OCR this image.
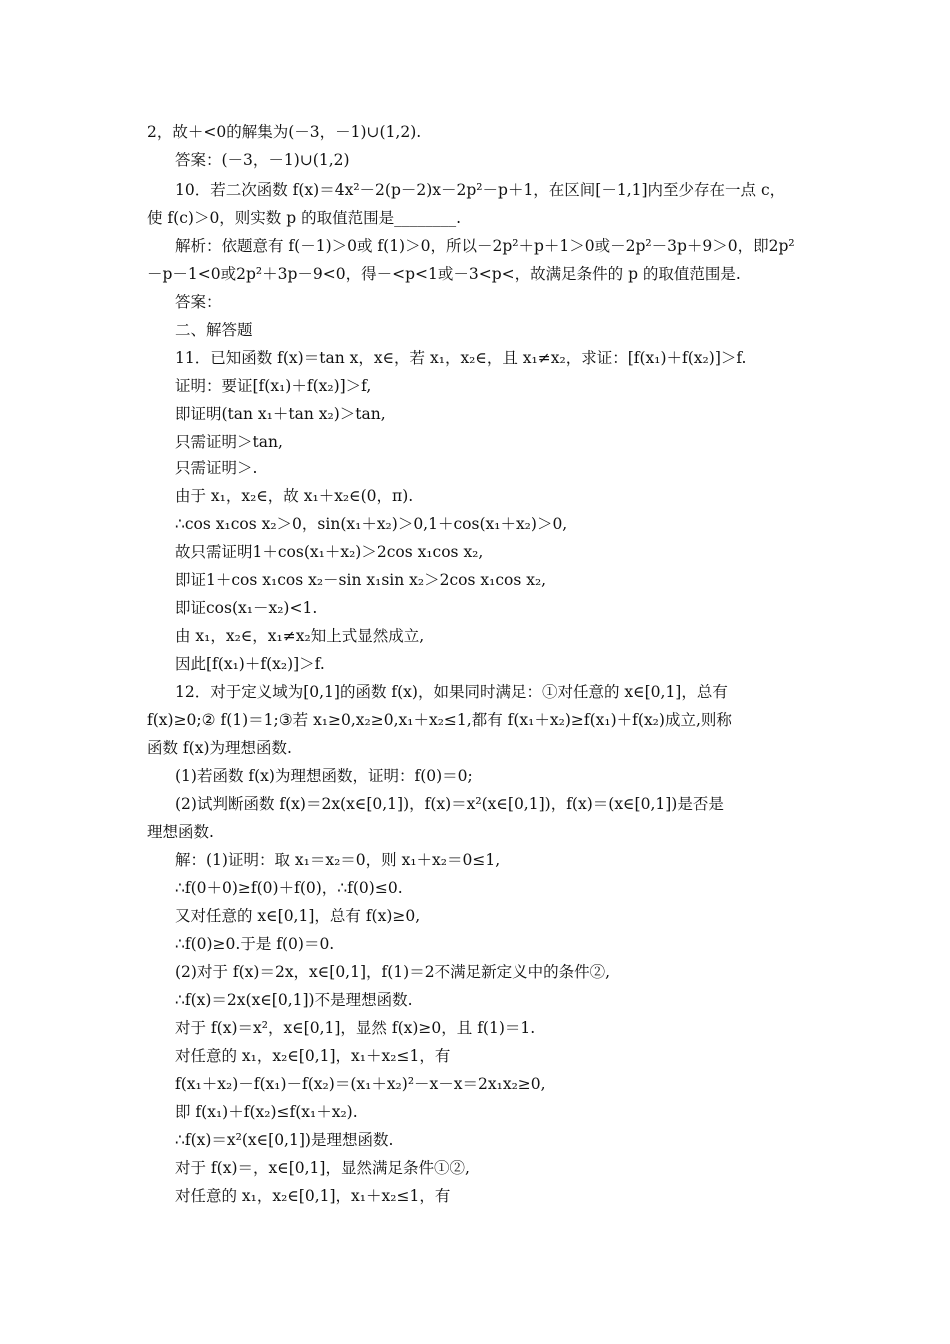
2，故＋<0的解集为(－3，－1)∪(1,2).
答案：(－3，－1)∪(1,2)
10．若二次函数 f(x)＝4x²－2(p－2)x－2p²－p＋1，在区间[－1,1]内至少存在一点 c，
使 f(c)＞0，则实数 p 的取值范围是________.
解析：依题意有 f(－1)＞0或 f(1)＞0，所以－2p²＋p＋1＞0或－2p²－3p＋9＞0，即2p²
－p－1<0或2p²＋3p－9<0，得－<p<1或－3<p<，故满足条件的 p 的取值范围是.
答案：
二、解答题
11．已知函数 f(x)＝tan x，x∈，若 x₁，x₂∈，且 x₁≠x₂，求证：[f(x₁)＋f(x₂)]＞f.
证明：要证[f(x₁)＋f(x₂)]＞f,
即证明(tan x₁＋tan x₂)＞tan,
只需证明＞tan,
只需证明＞.
由于 x₁，x₂∈，故 x₁＋x₂∈(0，π).
∴cos x₁cos x₂＞0，sin(x₁＋x₂)＞0,1＋cos(x₁＋x₂)＞0,
故只需证明1＋cos(x₁＋x₂)＞2cos x₁cos x₂,
即证1＋cos x₁cos x₂－sin x₁sin x₂＞2cos x₁cos x₂,
即证cos(x₁－x₂)<1.
由 x₁，x₂∈，x₁≠x₂知上式显然成立,
因此[f(x₁)＋f(x₂)]＞f.
12．对于定义域为[0,1]的函数 f(x)，如果同时满足：①对任意的 x∈[0,1]，总有
f(x)≥0;② f(1)＝1;③若 x₁≥0,x₂≥0,x₁＋x₂≤1,都有 f(x₁＋x₂)≥f(x₁)＋f(x₂)成立,则称
函数 f(x)为理想函数.
(1)若函数 f(x)为理想函数，证明：f(0)＝0;
(2)试判断函数 f(x)＝2x(x∈[0,1])，f(x)＝x²(x∈[0,1])，f(x)＝(x∈[0,1])是否是
理想函数.
解：(1)证明：取 x₁＝x₂＝0，则 x₁＋x₂＝0≤1,
∴f(0＋0)≥f(0)＋f(0)，∴f(0)≤0.
又对任意的 x∈[0,1]，总有 f(x)≥0,
∴f(0)≥0.于是 f(0)＝0.
(2)对于 f(x)＝2x，x∈[0,1]，f(1)＝2不满足新定义中的条件②,
∴f(x)＝2x(x∈[0,1])不是理想函数.
对于 f(x)＝x²，x∈[0,1]，显然 f(x)≥0，且 f(1)＝1.
对任意的 x₁，x₂∈[0,1]，x₁＋x₂≤1，有
f(x₁＋x₂)－f(x₁)－f(x₂)＝(x₁＋x₂)²－x－x＝2x₁x₂≥0,
即 f(x₁)＋f(x₂)≤f(x₁＋x₂).
∴f(x)＝x²(x∈[0,1])是理想函数.
对于 f(x)＝，x∈[0,1]，显然满足条件①②,
对任意的 x₁，x₂∈[0,1]，x₁＋x₂≤1，有
